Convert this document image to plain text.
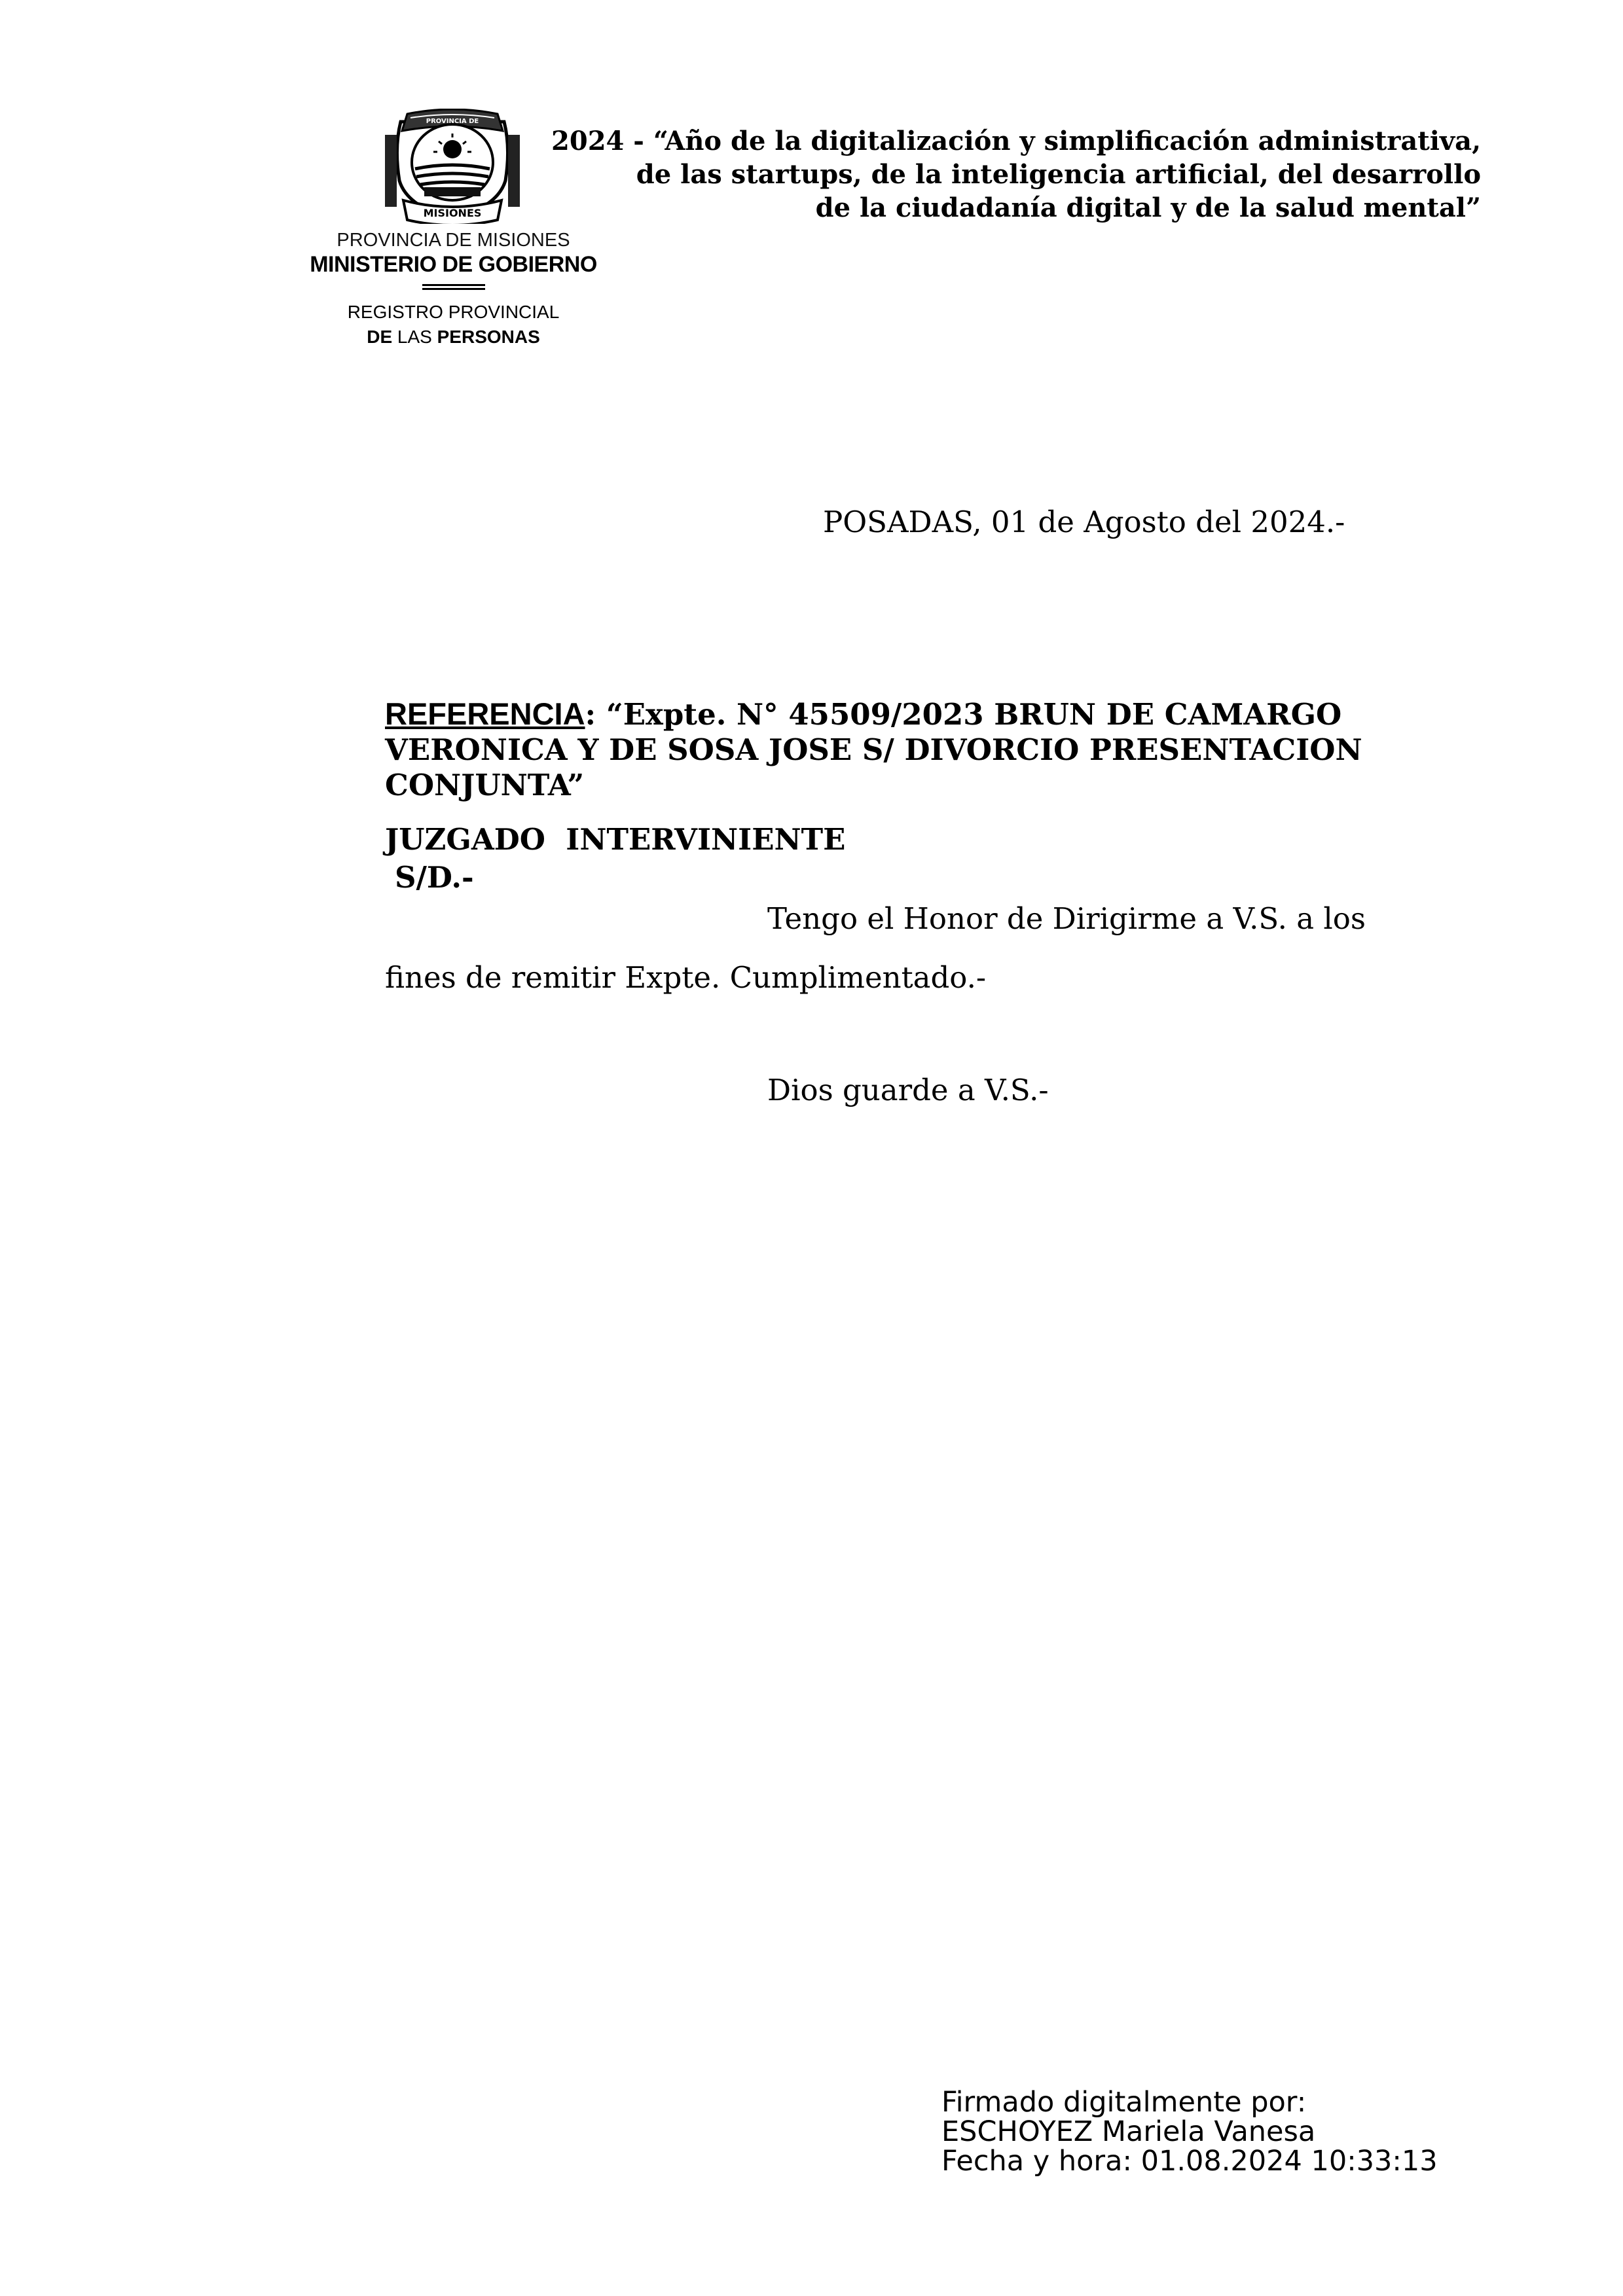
MISIONES
PROVINCIA DE
PROVINCIA DE MISIONES
MINISTERIO DE GOBIERNO
REGISTRO PROVINCIAL
DE LAS PERSONAS
2024 - “Año de la digitalización y simplificación administrativa,
de las startups, de la inteligencia artificial, del desarrollo
de la ciudadanía digital y de la salud mental”
POSADAS, 01 de Agosto del 2024.-
REFERENCIA: “Expte. N° 45509/2023 BRUN DE CAMARGO VERONICA Y DE SOSA JOSE S/ DIVORCIO PRESENTACION CONJUNTA”
JUZGADO  INTERVINIENTE
S/D.-
Tengo el Honor de Dirigirme a V.S. a los
fines de remitir Expte. Cumplimentado.-
Dios guarde a V.S.-
Firmado digitalmente por:
ESCHOYEZ Mariela Vanesa
Fecha y hora: 01.08.2024 10:33:13
